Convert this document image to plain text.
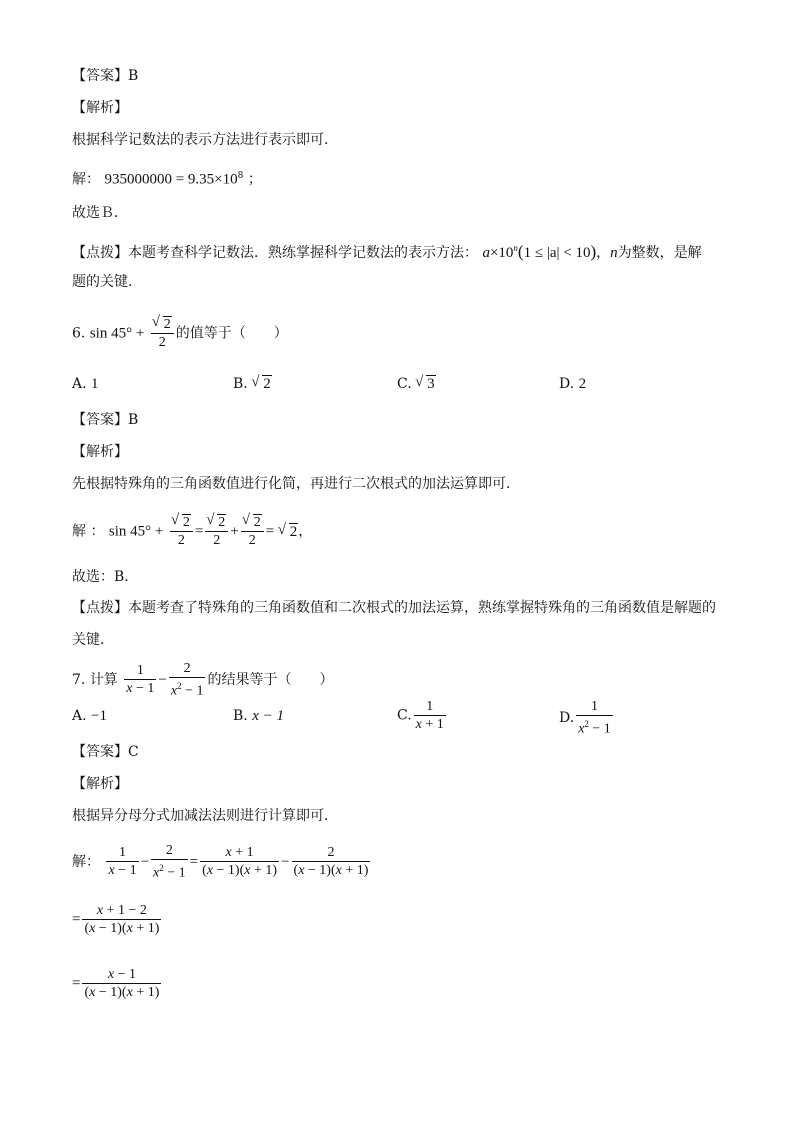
【答案】B
【解析】
根据科学记数法的表示方法进行表示即可．
解： $935000000 = 9.35\times 10^8$ ；
故选Ｂ．
【点拨】本题考查科学记数法．熟练掌握科学记数法的表示方法： $a\times 10^n(1 \le |a| < 10)$，n为整数，是解
题的关键．
6. sin 45° + √ $\frac{2}{2}$ 的值等于（　　）
A. 1	B. √ 2	C. √ 3	D. 2
【答案】B
【解析】
先根据特殊角的三角函数值进行化简，再进行二次根式的加法运算即可．
解 ： sin 45° + √ $\frac{2}{2}$ = √ $\frac{2}{2}$ + √ $\frac{2}{2}$ = √ 2，
故选：B．
【点拨】本题考查了特殊角的三角函数值和二次根式的加法运算，熟练掌握特殊角的三角函数值是解题的
关键．
7. 计算 $\frac{1}{x - 1} - \frac{2}{x^2 - 1}$ 的结果等于（　　）
A. −1	B. x − 1	C. $\frac{1}{x + 1}$	D. $\frac{1}{x^2 - 1}$
【答案】C
【解析】
根据异分母分式加减法法则进行计算即可．
解： $\frac{1}{x - 1} - \frac{2}{x^2 - 1} = \frac{x + 1}{(x - 1)(x + 1)} - \frac{2}{(x - 1)(x + 1)}$
= $\frac{x + 1 - 2}{(x - 1)(x + 1)}$
= $\frac{x - 1}{(x - 1)(x + 1)}$
